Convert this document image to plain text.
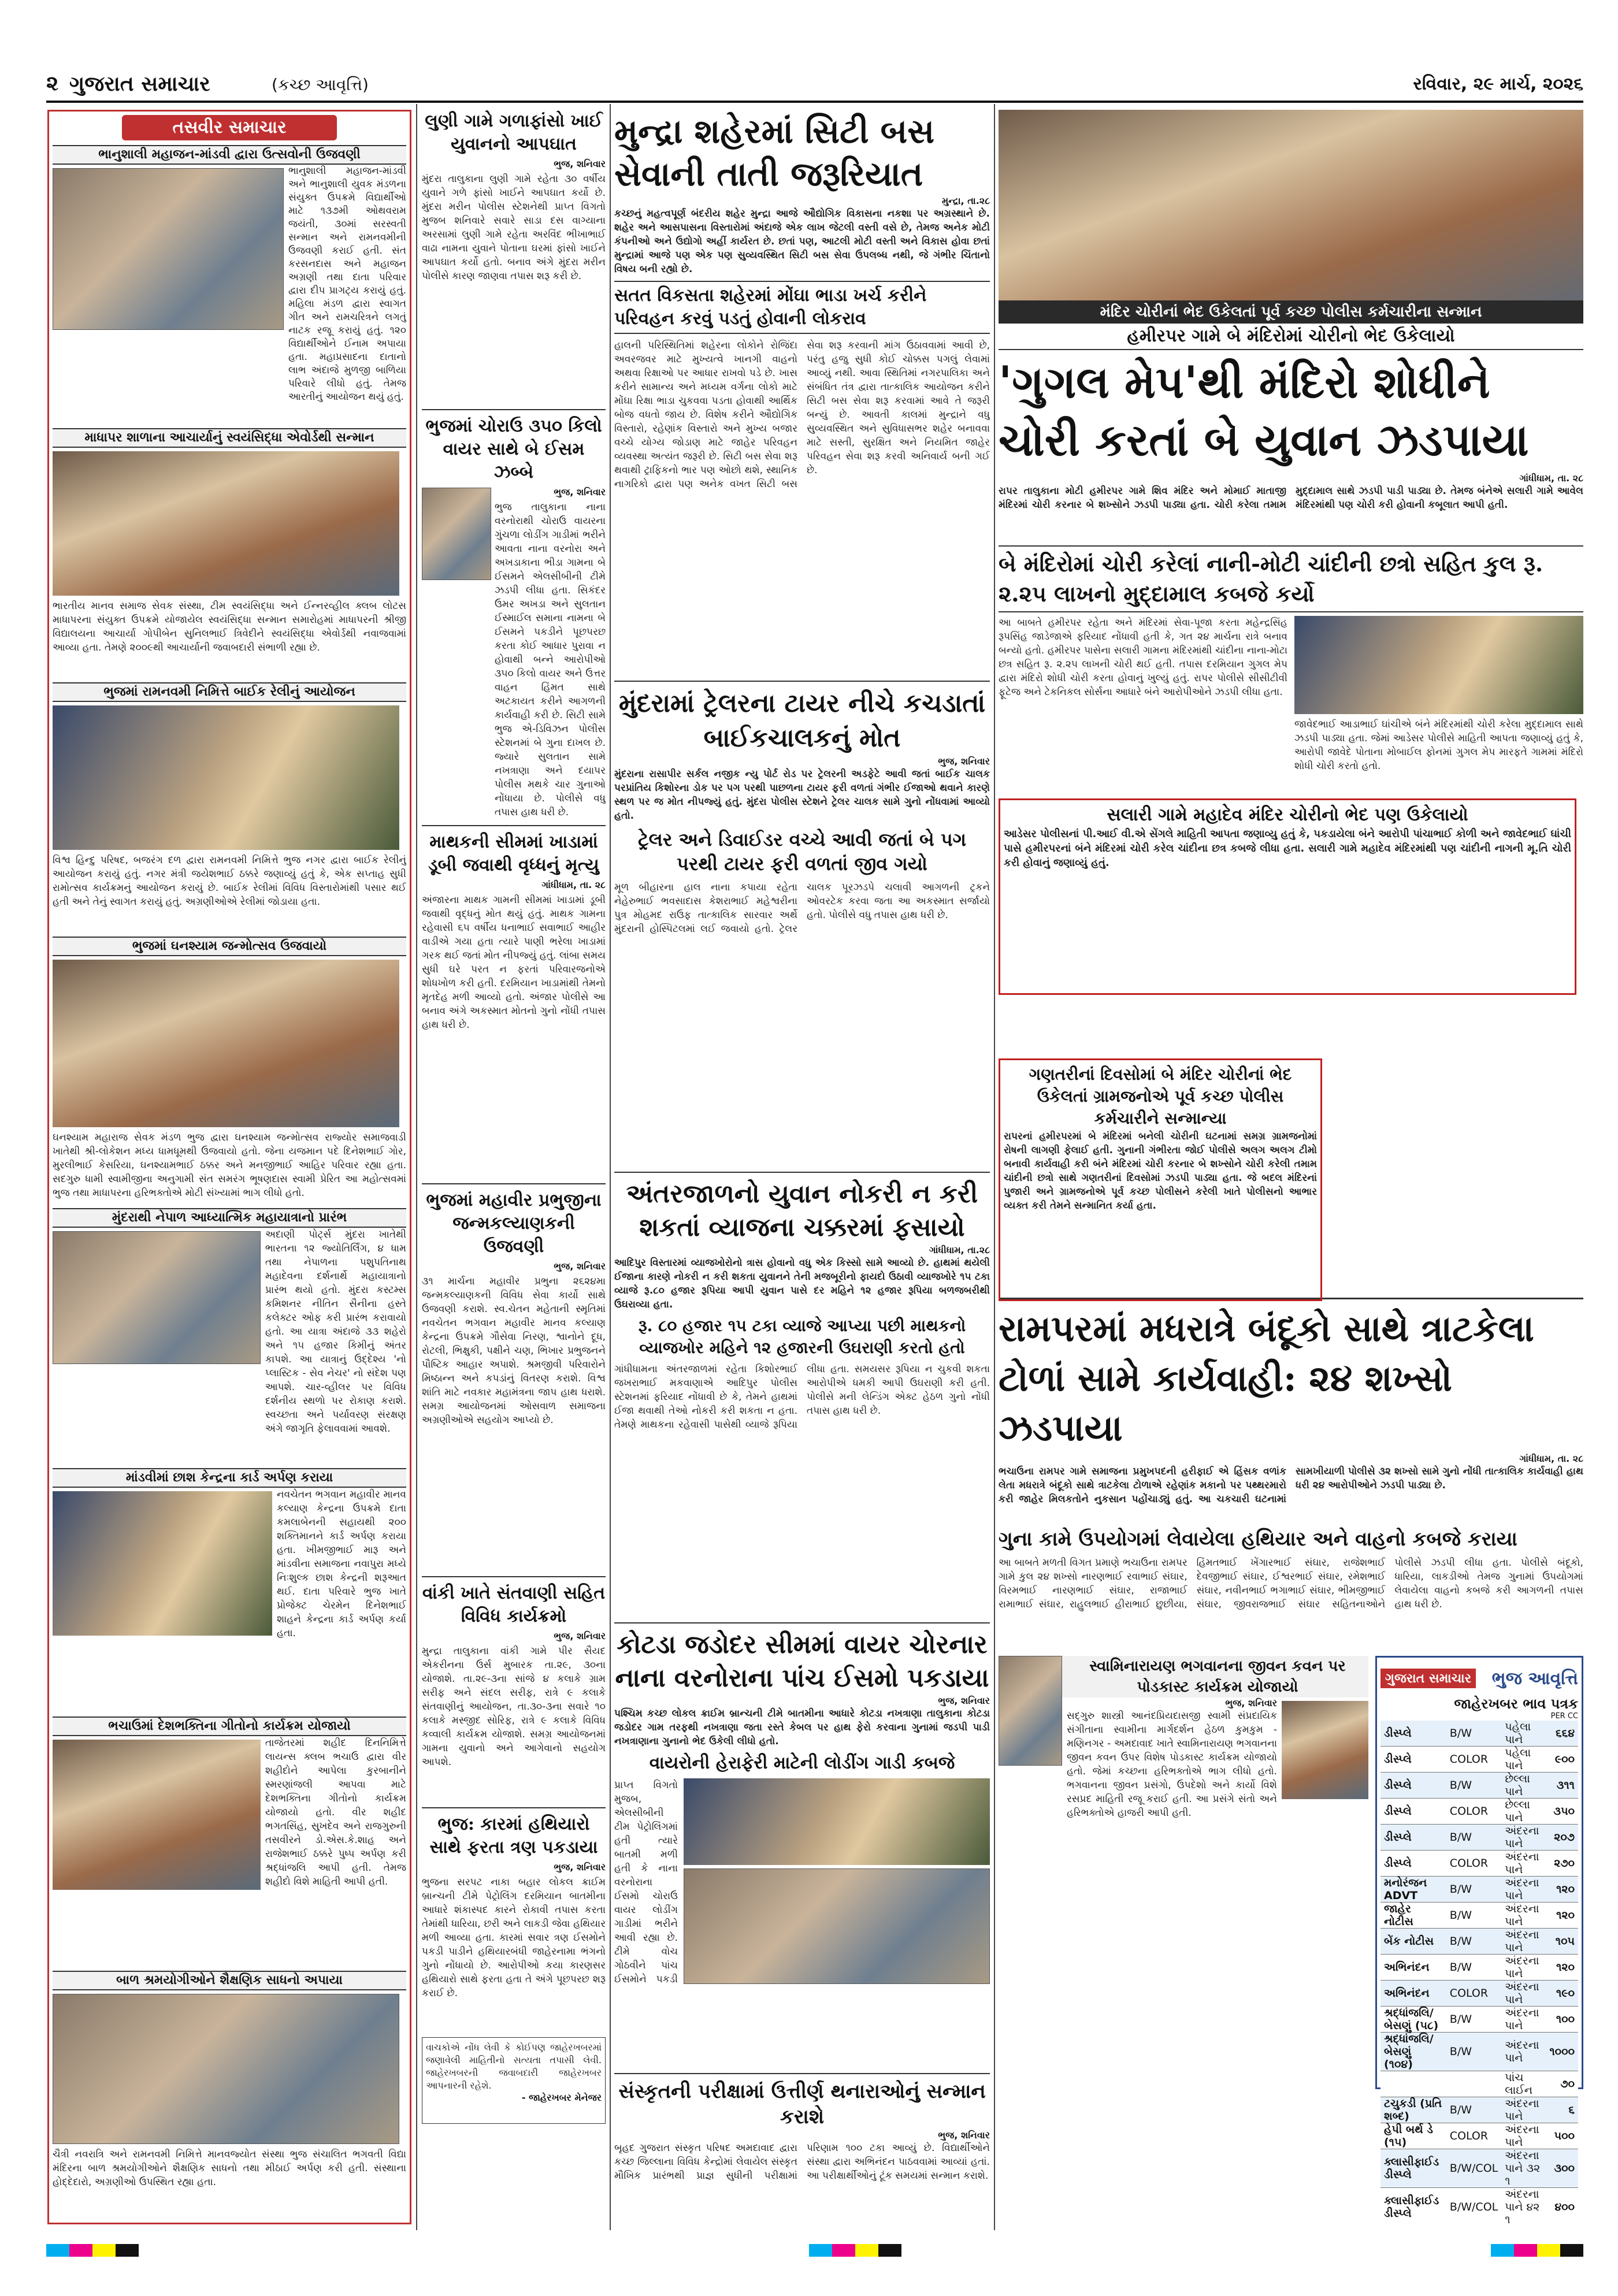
૨ ગુજરાત સમાચાર	(કચ્છ આવૃત્તિ)	રવિવાર, ૨૯ માર્ચ, ૨૦૨૬
તસવીર સમાચાર
ભાનુશાલી મહાજન-માંડવી દ્વારા ઉત્સવોની ઉજવણી
ભાનુશાલી મહાજન-માંડવી અને ભાનુશાલી યુવક મંડળના સંયુક્ત ઉપક્રમે વિદ્યાર્થીઓ માટે ૧૩૭મી ઓથવરામ જયંતી, ૩૦માં સરસ્વતી સન્માન અને રામનવમીની ઉજવણી કરાઈ હતી. સંત કરસનદાસ અને મહાજન અગ્રણી તથા દાતા પરિવાર દ્વારા દીપ પ્રાગટ્ય કરાયું હતું. મહિલા મંડળ દ્વારા સ્વાગત ગીત અને રામચરિત્રને લગતું નાટક રજૂ કરાયું હતું. ૧૨૦ વિદ્યાર્થીઓને ઈનામ અપાયા હતા. મહાપ્રસાદના દાતાનો લાભ અંદાજે મુળજી બાળિયા પરિવારે લીધો હતું. તેમજ આરતીનું આયોજન થયું હતું.
માધાપર શાળાના આચાર્યાનું સ્વયંસિદ્ધા એવોર્ડથી સન્માન
ભારતીય માનવ સમાજ સેવક સંસ્થા, ટીમ સ્વયંસિદ્ધા અને ઈન્નરવ્હીલ ક્લબ લોટસ માધાપરના સંયુક્ત ઉપક્રમે યોજાયેલ સ્વયંસિદ્ધા સન્માન સમારોહમાં માધાપરની શ્રીજી વિદ્યાલયના આચાર્યા ગોપીબેન સુનિલભાઈ ત્રિવેદીને સ્વયંસિદ્ધા એવોર્ડથી નવાજવામાં આવ્યા હતા. તેમણે ૨૦૦૯થી આચાર્યાની જવાબદારી સંભાળી રહ્યા છે.
ભુજમાં રામનવમી નિમિત્તે બાઈક રેલીનું આયોજન
વિશ્વ હિન્દુ પરિષદ, બજરંગ દળ દ્વારા રામનવમી નિમિત્તે ભુજ નગર દ્વારા બાઈક રેલીનું આયોજન કરાયું હતું. નગર મંત્રી જયેશભાઈ ઠક્કરે જણાવ્યું હતું કે, એક સપ્તાહ સુધી રામોત્સવ કાર્યક્રમનું આયોજન કરાયું છે. બાઈક રેલીમાં વિવિધ વિસ્તારોમાંથી પસાર થઈ હતી અને તેનું સ્વાગત કરાયું હતું. અગ્રણીઓએ રેલીમાં જોડાયા હતા.
ભુજમાં ઘનશ્યામ જન્મોત્સવ ઉજવાયો
ઘનશ્યામ મહારાજ સેવક મંડળ ભુજ દ્વારા ઘનશ્યામ જન્મોત્સવ રાજ્યોર સમાજવાડી ખાતેથી શ્રી-લોકેશન મધ્ય ધામધૂમથી ઉજવાયો હતો. જેના યજમાન પદે દિનેશભાઈ ગોર, મુરલીભાઈ કેસરિયા, ઘનશ્યામભાઈ ઠક્કર અને મનજીભાઈ આહિર પરિવાર રહ્યા હતા. સદગુરુ ધામી સ્વામીજીના અનુગામી સંત સમરંગ ભૂષણદાસ સ્વામી પ્રેરિત આ મહોત્સવમાં ભુજ તથા માધાપરના હરિભક્તોએ મોટી સંખ્યામાં ભાગ લીધો હતો.
મુંદરાથી નેપાળ આધ્યાત્મિક મહાયાત્રાનો પ્રારંભ
અદાણી પોર્ટ્સ મુંદરા ખાતેથી ભારતના ૧૨ જ્યોતિર્લિંગ, ૪ ધામ તથા નેપાળના પશુપતિનાથ મહાદેવના દર્શનાર્થે મહાયાત્રાનો પ્રારંભ થયો હતો. મુંદરા કસ્ટમ્સ કમિશનર નીતિન સૈનીના હસ્તે કલેક્ટર ઓફ કરી પ્રારંભ કરાવાયો હતો. આ યાત્રા અંદાજે ૩૩ શહેરો અને ૧૫ હજાર કિમીનું અંતર કાપશે. આ યાત્રાનું ઉદ્દેશ્ય 'નો પ્લાસ્ટિક - સેવ નેચર' નો સંદેશ પણ આપશે. ચાર-વ્હીલર પર વિવિધ દર્શનીય સ્થળો પર રોકાણ કરાશે. સ્વચ્છતા અને પર્યાવરણ સંરક્ષણ અંગે જાગૃતિ ફેલાવવામાં આવશે.
માંડવીમાં છાશ કેન્દ્રના કાર્ડ અર્પણ કરાયા
નવચેતન ભગવાન મહાવીર માનવ કલ્યાણ કેન્દ્રના ઉપક્રમે દાતા કમલાબેનની સહાયથી ૨૦૦ શક્તિમાનને કાર્ડ અર્પણ કરાયા હતા. ખીમજીભાઈ મારૂ અને માંડવીના સમાજના નવાપુરા મધ્યે નિઃશુલ્ક છાશ કેન્દ્રની શરૂઆત થઈ. દાતા પરિવારે ભુજ ખાતે પ્રોજેક્ટ ચેરમેન દિનેશભાઈ શાહને કેન્દ્રના કાર્ડ અર્પણ કર્યા હતા.
ભચાઉમાં દેશભક્તિના ગીતોનો કાર્યક્રમ યોજાયો
તાજેતરમાં શહીદ દિનનિમિત્તે લાયન્સ ક્લબ ભચાઉ દ્વારા વીર શહીદોને આપેલા કુરબાનીને સ્મરણાંજલી આપવા માટે દેશભક્તિના ગીતોનો કાર્યક્રમ યોજાયો હતો. વીર શહીદ ભગતસિંહ, સુખદેવ અને રાજગુરુની તસવીરને ડો.એસ.કે.શાહ અને રાજેશભાઈ ઠક્કરે પુષ્પ અર્પણ કરી શ્રદ્ધાંજલિ આપી હતી. તેમજ શહીદો વિશે માહિતી આપી હતી.
બાળ શ્રમયોગીઓને શૈક્ષણિક સાધનો અપાયા
ચૈત્રી નવરાત્રિ અને રામનવમી નિમિત્તે માનવજ્યોત સંસ્થા ભુજ સંચાલિત ભગવતી વિદ્યા મંદિરના બાળ શ્રમયોગીઓને શૈક્ષણિક સાધનો તથા મીઠાઈ અર્પણ કરી હતી. સંસ્થાના હોદ્દેદારો, અગ્રણીઓ ઉપસ્થિત રહ્યા હતા.
લુણી ગામે ગળાફાંસો ખાઈ યુવાનનો આપઘાત
ભુજ, શનિવાર
મુંદરા તાલુકાના લુણી ગામે રહેતા ૩૦ વર્ષીય યુવાને ગળે ફાંસો ખાઈને આપઘાત કર્યો છે. મુંદરા મરીન પોલીસ સ્ટેશનેથી પ્રાપ્ત વિગતો મુજબ શનિવારે સવારે સાડા દસ વાગ્યાના અરસામાં લુણી ગામે રહેતા અરવિંદ ભીખાભાઈ વાઢા નામના યુવાને પોતાના ઘરમાં ફાંસો ખાઈને આપઘાત કર્યો હતો. બનાવ અંગે મુંદરા મરીન પોલીસે કારણ જાણવા તપાસ શરૂ કરી છે.
ભુજમાં ચોરાઉ ૩૫૦ કિલો વાયર સાથે બે ઈસમ ઝબ્બે
ભુજ, શનિવાર
ભુજ તાલુકાના નાના વરનોરાથી ચોરાઉ વાયરના ગુંચળા લોડીંગ ગાડીમાં ભરીને આવતા નાના વરનોરા અને અખડાકાના ભીડા ગામના બે ઈસમને એલસીબીની ટીમે ઝડપી લીધા હતા. સિકંદર ઉમર અખડા અને સુલતાન ઈસ્માઈલ સમાના નામના બે ઈસમને પકડીને પૂછપરછ કરતા કોઈ આધાર પુરાવા ન હોવાથી બન્ને આરોપીઓ ૩૫૦ કિલો વાયર અને ઉત્તર વાહન હિંમત સાથે અટકાયત કરીને આગળની કાર્યવાહી કરી છે. સિટી સામે ભુજ એ-ડિવિઝન પોલીસ સ્ટેશનમાં બે ગુના દાખલ છે. જ્યારે સુલતાન સામે નખત્રાણા અને દયાપર પોલીસ મથકે ચાર ગુનાઓ નોંધાયા છે. પોલીસે વધુ તપાસ હાથ ધરી છે.
માથકની સીમમાં ખાડામાં ડૂબી જવાથી વૃધ્ધનું મૃત્યુ
ગાંધીધામ, તા. ૨૮
અંજારના માથક ગામની સીમમાં ખાડામાં ડૂબી જવાથી વૃદ્ધનું મોત થયું હતું. માથક ગામના રહેવાસી ૬૫ વર્ષીય ધનાભાઈ સવાભાઈ આહીર વાડીએ ગયા હતા ત્યારે પાણી ભરેલા ખાડામાં ગરક થઈ જતાં મોત નીપજ્યું હતું. લાંબા સમય સુધી ઘરે પરત ન ફરતાં પરિવારજનોએ શોધખોળ કરી હતી. દરમિયાન ખાડામાંથી તેમનો મૃતદેહ મળી આવ્યો હતો. અંજાર પોલીસે આ બનાવ અંગે અકસ્માત મોતનો ગુનો નોંધી તપાસ હાથ ધરી છે.
ભુજમાં મહાવીર પ્રભુજીના જન્મકલ્યાણકની ઉજવણી
ભુજ, શનિવાર
૩૧ માર્ચના મહાવીર પ્રભુના ૨૬૨૪મા જન્મકલ્યાણકની વિવિધ સેવા કાર્યો સાથે ઉજવણી કરાશે. સ્વ.ચેતન મહેતાની સ્મૃતિમાં નવચેતન ભગવાન મહાવીર માનવ કલ્યાણ કેન્દ્રના ઉપક્રમે ગૌસેવા નિરણ, શ્વાનોને દૂધ, રોટલી, ભિક્ષુકી, પક્ષીને ચણ, ભિખાર પ્રભુજનને પૌષ્ટિક આહાર અપાશે. શ્રમજીવી પરિવારોને મિષ્ઠાન્ન અને કપડાંનું વિતરણ કરાશે. વિશ્વ શાંતિ માટે નવકાર મહામંત્રના જાપ હાથ ધરાશે. સમગ્ર આયોજનમાં ઓસવાળ સમાજના અગ્રણીઓએ સહયોગ આપ્યો છે.
વાંકી ખાતે સંતવાણી સહિત વિવિધ કાર્યક્રમો
ભુજ, શનિવાર
મુન્દ્રા તાલુકાના વાંકી ગામે પીર સૈયદ એકરીનના ઉર્સ મુબારક તા.૨૯, ૩૦ના યોજાશે. તા.૨૯-૩ના સાંજે ૪ કલાકે ગ્રામ સરીફ અને સંદલ સરીફ, રાત્રે ૯ કલાકે સંતવાણીનું આયોજન, તા.૩૦-૩ના સવારે ૧૦ કલાકે મસ્જીદ સોરિફ, રાત્રે ૯ કલાકે વિવિધ કવ્વાલી કાર્યક્રમ યોજાશે. સમગ્ર આયોજનમાં ગામના યુવાનો અને આગેવાનો સહયોગ આપશે.
ભુજ: કારમાં હથિયારો સાથે ફરતા ત્રણ પકડાયા
ભુજ, શનિવાર
ભુજના સરપટ નાકા બહાર લોકલ ક્રાઈમ બ્રાન્ચની ટીમે પેટ્રોલિંગ દરમિયાન બાતમીના આધારે શંકાસ્પદ કારને રોકાવી તપાસ કરતા તેમાંથી ધારિયા, છરી અને લાકડી જેવા હથિયાર મળી આવ્યા હતા. કારમાં સવાર ત્રણ ઈસમોને પકડી પાડીને હથિયારબંધી જાહેરનામા ભંગનો ગુનો નોંધાયો છે. આરોપીઓ કયા કારણસર હથિયારો સાથે ફરતા હતા તે અંગે પૂછપરછ શરૂ કરાઈ છે.
વાચકોએ નોંધ લેવી કે કોઈપણ જાહેરખબરમાં જણાવેલી માહિતીનો સત્યતા તપાસી લેવી. જાહેરખબરની જવાબદારી જાહેરખબર આપનારની રહેશે.
- જાહેરખબર મેનેજર
મુન્દ્રા શહેરમાં સિટી બસ સેવાની તાતી જરૂરિયાત
મુન્દ્રા, તા.૨૮
કચ્છનું મહત્વપૂર્ણ બંદરીય શહેર મુન્દ્રા આજે ઔદ્યોગિક વિકાસના નકશા પર અગ્રસ્થાને છે. શહેર અને આસપાસના વિસ્તારોમાં અંદાજે એક લાખ જેટલી વસ્તી વસે છે, તેમજ અનેક મોટી કંપનીઓ અને ઉદ્યોગો અહીં કાર્યરત છે. છતાં પણ, આટલી મોટી વસ્તી અને વિકાસ હોવા છતાં મુન્દ્રામાં આજે પણ એક પણ સુવ્યવસ્થિત સિટી બસ સેવા ઉપલબ્ધ નથી, જે ગંભીર ચિંતાનો વિષય બની રહ્યો છે.
સતત વિકસતા શહેરમાં મોંઘા ભાડા ખર્ચ કરીને પરિવહન કરવું પડતું હોવાની લોકરાવ
હાલની પરિસ્થિતિમાં શહેરના લોકોને રોજિંદા અવરજવર માટે મુખ્યત્વે ખાનગી વાહનો અથવા રિક્ષાઓ પર આધાર રાખવો પડે છે. ખાસ કરીને સામાન્ય અને મધ્યમ વર્ગના લોકો માટે મોંઘા રિક્ષા ભાડા ચુકવવા પડતા હોવાથી આર્થિક બોજ વધતો જાય છે. વિશેષ કરીને ઔદ્યોગિક વિસ્તારો, રહેણાંક વિસ્તારો અને મુખ્ય બજાર વચ્ચે યોગ્ય જોડાણ માટે જાહેર પરિવહન વ્યવસ્થા અત્યંત જરૂરી છે. સિટી બસ સેવા શરૂ થવાથી ટ્રાફિકનો ભાર પણ ઓછો થશે, સ્થાનિક નાગરિકો દ્વારા પણ અનેક વખત સિટી બસ સેવા શરૂ કરવાની માંગ ઉઠાવવામાં આવી છે, પરંતુ હજુ સુધી કોઈ ચોક્કસ પગલું લેવામાં આવ્યું નથી. આવા સ્થિતિમાં નગરપાલિકા અને સંબંધિત તંત્ર દ્વારા તાત્કાલિક આયોજન કરીને સિટી બસ સેવા શરૂ કરવામાં આવે તે જરૂરી બન્યું છે. આવતી કાલમાં મુન્દ્રાને વધુ સુવ્યવસ્થિત અને સુવિધાસભર શહેર બનાવવા માટે સસ્તી, સુરક્ષિત અને નિયમિત જાહેર પરિવહન સેવા શરૂ કરવી અનિવાર્ય બની ગઈ છે.
મુંદરામાં ટ્રેલરના ટાયર નીચે કચડાતાં બાઈકચાલકનું મોત
ભુજ, શનિવાર
મુંદરાના રાસાપીર સર્કલ નજીક ન્યુ પોર્ટ રોડ પર ટ્રેલરની અડફેટે આવી જતાં બાઈક ચાલક પરપ્રાંતિય કિશોરના ડોક પર પગ પરથી પાછળના ટાયર ફરી વળતાં ગંભીર ઈજાઓ થવાને કારણે સ્થળ પર જ મોત નીપજ્યું હતું. મુંદરા પોલીસ સ્ટેશને ટ્રેલર ચાલક સામે ગુનો નોંધવામાં આવ્યો હતો.
ટ્રેલર અને ડિવાઈડર વચ્ચે આવી જતાં બે પગ પરથી ટાયર ફરી વળતાં જીવ ગયો
મૂળ બીહારના હાલ નાના કપાયા રહેતા નેહેરુભાઈ ભવસાદાસ કેશરાભાઈ મહેશ્વરીના પુત્ર મોહમદ રાઉફ તાત્કાલિક સારવાર અર્થે મુંદરાની હોસ્પિટલમાં લઈ જવાયો હતો. ટ્રેલર ચાલક પૂરઝડપે ચલાવી આગળની ટ્રકને ઓવરટેક કરવા જતા આ અકસ્માત સર્જાયો હતો. પોલીસે વધુ તપાસ હાથ ધરી છે.
અંતરજાળનો યુવાન નોકરી ન કરી શકતાં વ્યાજના ચક્કરમાં ફસાયો
ગાંધીધામ, તા.૨૮
આદિપુર વિસ્તારમાં વ્યાજખોરોનો ત્રાસ હોવાનો વધુ એક કિસ્સો સામે આવ્યો છે. હાથમાં થયેલી ઈજાના કારણે નોકરી ન કરી શકતા યુવાનને તેની મજબૂરીનો ફાયદો ઉઠાવી વ્યાજખોરે ૧૫ ટકા વ્યાજે રૂ.૮૦ હજાર રૂપિયા આપી યુવાન પાસે દર મહિને ૧૨ હજાર રૂપિયા બળજબરીથી ઉઘરાવ્યા હતા.
રૂ. ૮૦ હજાર ૧૫ ટકા વ્યાજે આપ્યા પછી માથકનો વ્યાજખોર મહિને ૧૨ હજારની ઉઘરાણી કરતો હતો
ગાંધીધામના અંતરજાળમાં રહેતા કિશોરભાઈ જખરાભાઈ મકવાણાએ આદિપુર પોલીસ સ્ટેશનમાં ફરિયાદ નોંધાવી છે કે, તેમને હાથમાં ઈજા થવાથી તેઓ નોકરી કરી શકતા ન હતા. તેમણે માથકના રહેવાસી પાસેથી વ્યાજે રૂપિયા લીધા હતા. સમયસર રૂપિયા ન ચુકવી શકતા આરોપીએ ધમકી આપી ઉઘરાણી કરી હતી. પોલીસે મની લેન્ડિંગ એક્ટ હેઠળ ગુનો નોંધી તપાસ હાથ ધરી છે.
કોટડા જડોદર સીમમાં વાયર ચોરનાર નાના વરનોરાના પાંચ ઈસમો પકડાયા
ભુજ, શનિવાર
પશ્ચિમ કચ્છ લોકલ ક્રાઈમ બ્રાન્ચની ટીમે બાતમીના આધારે કોટડા નખત્રાણા તાલુકાના કોટડા જડોદર ગામ તરફથી નખત્રાણા જતા રસ્તે કેબલ પર હાથ ફેરો કરવાના ગુનામાં જડપી પાડી નખત્રાણાના ગુનાનો ભેદ ઉકેલી લીધો હતો.
વાયરોની હેરાફેરી માટેની લોડીંગ ગાડી કબજે
પ્રાપ્ત વિગતો મુજબ, એલસીબીની ટીમ પેટ્રોલિંગમાં હતી ત્યારે બાતમી મળી હતી કે નાના વરનોરાના ઈસમો ચોરાઉ વાયર લોડીંગ ગાડીમાં ભરીને આવી રહ્યા છે. ટીમે વોચ ગોઠવીને પાંચ ઈસમોને પકડી
સંસ્કૃતની પરીક્ષામાં ઉત્તીર્ણ થનારાઓનું સન્માન કરાશે
ભુજ, શનિવાર
બૃહદ ગુજરાત સંસ્કૃત પરિષદ અમદાવાદ દ્વારા કચ્છ જિલ્લાના વિવિધ કેન્દ્રોમાં લેવાયેલ સંસ્કૃત મૌખિક પ્રારંભથી પ્રાજ્ઞ સુધીની પરીક્ષામાં પરિણામ ૧૦૦ ટકા આવ્યું છે. વિદ્યાર્થીઓને સંસ્થા દ્વારા અભિનંદન પાઠવવામાં આવ્યાં હતાં. આ પરીક્ષાર્થીઓનું ટૂંક સમયમાં સન્માન કરાશે.
મંદિર ચોરીનાં ભેદ ઉકેલતાં પૂર્વ કચ્છ પોલીસ કર્મચારીના સન્માન
હમીરપર ગામે બે મંદિરોમાં ચોરીનો ભેદ ઉકેલાયો
'ગુગલ મેપ'થી મંદિરો શોધીને ચોરી કરતાં બે યુવાન ઝડપાયા
ગાંધીધામ, તા. ૨૮
રાપર તાલુકાના મોટી હમીરપર ગામે શિવ મંદિર અને મોમાઈ માતાજી મંદિરમાં ચોરી કરનાર બે શખ્સોને ઝડપી પાડ્યા હતા. ચોરી કરેલા તમામ મુદ્દામાલ સાથે ઝડપી પાડી પાડ્યા છે. તેમજ બંનેએ સલારી ગામે આવેલ મંદિરમાંથી પણ ચોરી કરી હોવાની કબૂલાત આપી હતી.
બે મંદિરોમાં ચોરી કરેલાં નાની-મોટી ચાંદીની છત્રો સહિત કુલ રૂ. ૨.૨૫ લાખનો મુદ્દામાલ કબજે કર્યો
આ બાબતે હમીરપર રહેતા અને મંદિરમાં સેવા-પૂજા કરતા મહેન્દ્રસિંહ રૂપસિંહ જાડેજાએ ફરિયાદ નોંધાવી હતી કે, ગત ૨૪ માર્ચના રાત્રે બનાવ બન્યો હતો. હમીરપર પાસેના સલારી ગામના મંદિરમાંથી ચાંદીના નાના-મોટા છત્ર સહિત રૂ. ૨.૨૫ લાખની ચોરી થઈ હતી. તપાસ દરમિયાન ગુગલ મેપ દ્વારા મંદિરો શોધી ચોરી કરતા હોવાનું ખુલ્યું હતું. રાપર પોલીસે સીસીટીવી ફૂટેજ અને ટેકનિકલ સોર્સના આધારે બંને આરોપીઓને ઝડપી લીધા હતા.
સલારી ગામે મહાદેવ મંદિર ચોરીનો ભેદ પણ ઉકેલાયો
આડેસર પોલીસનાં પી.આઈ વી.એ સેંગલે માહિતી આપતા જણાવ્યુ હતું કે, પકડાયેલા બંને આરોપી પાંચાભાઈ કોળી અને જાવેદભાઈ ઘાંચી પાસે હમીરપરનાં બંને મંદિરમાં ચોરી કરેલ ચાંદીના છત્ર કબજે લીધા હતા. સલારી ગામે મહાદેવ મંદિરમાંથી પણ ચાંદીની નાગની મૂ.તિ ચોરી કરી હોવાનું જણાવ્યું હતું.
ગણતરીનાં દિવસોમાં બે મંદિર ચોરીનાં ભેદ ઉકેલતાં ગ્રામજનોએ પૂર્વ કચ્છ પોલીસ કર્મચારીને સન્માન્યા
રાપરનાં હમીરપરમાં બે મંદિરમાં બનેલી ચોરીની ઘટનામાં સમગ્ર ગ્રામજનોમાં રોષની લાગણી ફેલાઈ હતી. ગુનાની ગંભીરતા જોઈ પોલીસે અલગ અલગ ટીમો બનાવી કાર્યવાહી કરી બંને મંદિરમાં ચોરી કરનાર બે શખ્સોને ચોરી કરેલી તમામ ચાંદીની છત્રો સાથે ગણતરીનાં દિવસોમાં ઝડપી પાડ્યા હતા. જે બદલ મંદિરનાં પુજારી અને ગ્રામજનોએ પૂર્વ કચ્છ પોલીસને કરેલી ખાતે પોલીસનો આભાર વ્યક્ત કરી તેમને સન્માનિત કર્યા હતા.
જાવેદભાઈ આડાભાઈ ઘાંચીએ બંને મંદિરમાંથી ચોરી કરેલા મુદ્દામાલ સાથે ઝડપી પાડ્યા હતા. જેમાં આડેસર પોલીસે માહિતી આપતા જણાવ્યું હતું કે, આરોપી જાવેદે પોતાના મોબાઈલ ફોનમાં ગુગલ મેપ મારફતે ગામમાં મંદિરો શોધી ચોરી કરતો હતો.
રામપરમાં મધરાત્રે બંદૂકો સાથે ત્રાટકેલા ટોળાં સામે કાર્યવાહી: ૨૪ શખ્સો ઝડપાયા
ગાંધીધામ, તા. ૨૮
ભચાઉના રામપર ગામે સમાજના પ્રમુખપદની હરીફાઈ એ હિંસક વળાંક લેતા મધરાત્રે બંદૂકો સાથે ત્રાટકેલા ટોળાએ રહેણાંક મકાનો પર પથ્થરમારો કરી જાહેર મિલકતોને નુકસાન પહોંચાડ્યું હતું. આ ચકચારી ઘટનામાં સામખીયાળી પોલીસે ૩૨ શખ્સો સામે ગુનો નોંધી તાત્કાલિક કાર્યવાહી હાથ ધરી ૨૪ આરોપીઓને ઝડપી પાડ્યા છે.
ગુના કામે ઉપયોગમાં લેવાયેલા હથિયાર અને વાહનો કબજે કરાયા
આ બાબતે મળતી વિગત પ્રમાણે ભચાઉના રામપર ગામે કુલ ૨૪ શખ્સો નારણભાઈ રવાભાઈ સંઘાર, વિરમભાઈ નારણભાઈ સંઘાર, રાજાભાઈ રામાભાઈ સંઘાર, રાહુલભાઈ હીરાભાઈ છુછીયા, હિંમતભાઈ ખેંગારભાઈ સંઘાર, રાજેશભાઈ દેવજીભાઈ સંઘાર, ઈશ્વરભાઈ સંઘાર, રમેશભાઈ સંઘાર, નવીનભાઈ ભગાભાઈ સંઘાર, ભીમજીભાઈ સંઘાર, જીવરાજભાઈ સંઘાર સહિતનાઓને પોલીસે ઝડપી લીધા હતા. પોલીસે બંદૂકો, ધારિયા, લાકડીઓ તેમજ ગુનામાં ઉપયોગમાં લેવાયેલા વાહનો કબજે કરી આગળની તપાસ હાથ ધરી છે.
સ્વામિનારાયણ ભગવાનના જીવન કવન પર પોડકાસ્ટ કાર્યક્રમ યોજાયો
ભુજ, શનિવાર
સદ્ગુરુ શાસ્ત્રી આનંદપ્રિયદાસજી સ્વામી સંપ્રદાયિક સંગીતાના સ્વામીના માર્ગદર્શન હેઠળ કુમકુમ - મણિનગર - અમદાવાદ ખાતે સ્વામિનારાયણ ભગવાનના જીવન કવન ઉપર વિશેષ પોડકાસ્ટ કાર્યક્રમ યોજાયો હતો. જેમાં કચ્છના હરિભક્તોએ ભાગ લીધો હતો. ભગવાનના જીવન પ્રસંગો, ઉપદેશો અને કાર્યો વિશે રસપ્રદ માહિતી રજૂ કરાઈ હતી. આ પ્રસંગે સંતો અને હરિભક્તોએ હાજરી આપી હતી.
ગુજરાત સમાચાર ભુજ આવૃત્તિ
જાહેરખબર ભાવ પત્રક
PER CC
ડીસ્પ્લે	B/W	પહેલા પાને	૬૬૪
ડીસ્પ્લે	COLOR	પહેલા પાને	૯૦૦
ડીસ્પ્લે	B/W	છેલ્લા પાને	૩૧૧
ડીસ્પ્લે	COLOR	છેલ્લા પાને	૩૫૦
ડીસ્પ્લે	B/W	અંદરના પાને	૨૦૭
ડીસ્પ્લે	COLOR	અંદરના પાને	૨૭૦
મનોરંજન ADVT	B/W	અંદરના પાને	૧૨૦
જાહેર નોટીસ	B/W	અંદરના પાને	૧૨૦
બેંક નોટીસ	B/W	અંદરના પાને	૧૦૫
અભિનંદન	B/W	અંદરના પાને	૧૨૦
અભિનંદન	COLOR	અંદરના પાને	૧૯૦
શ્રદ્ધાંજલિ/બેસણું (૫૮)	B/W	અંદરના પાને	૧૦૦
શ્રદ્ધાંજલિ/બેસણું (૧૦૪)	B/W	અંદરના પાને	૧૦૦૦
		પાંચ લાઈન	૭૦
ટચુકડી (પ્રતિ શબ્દ)	B/W	અંદરના પાને	૬
હેપી બર્થ ડે (૧૫)	COLOR	અંદરના પાને	૫૦૦
ક્લાસીફાઈડ ડીસ્પ્લે	B/W/COL	અંદરના પાને ૩૨ ૧	૩૦૦
ક્લાસીફાઈડ ડીસ્પ્લે	B/W/COL	અંદરના પાને ૪૨ ૧	૪૦૦
